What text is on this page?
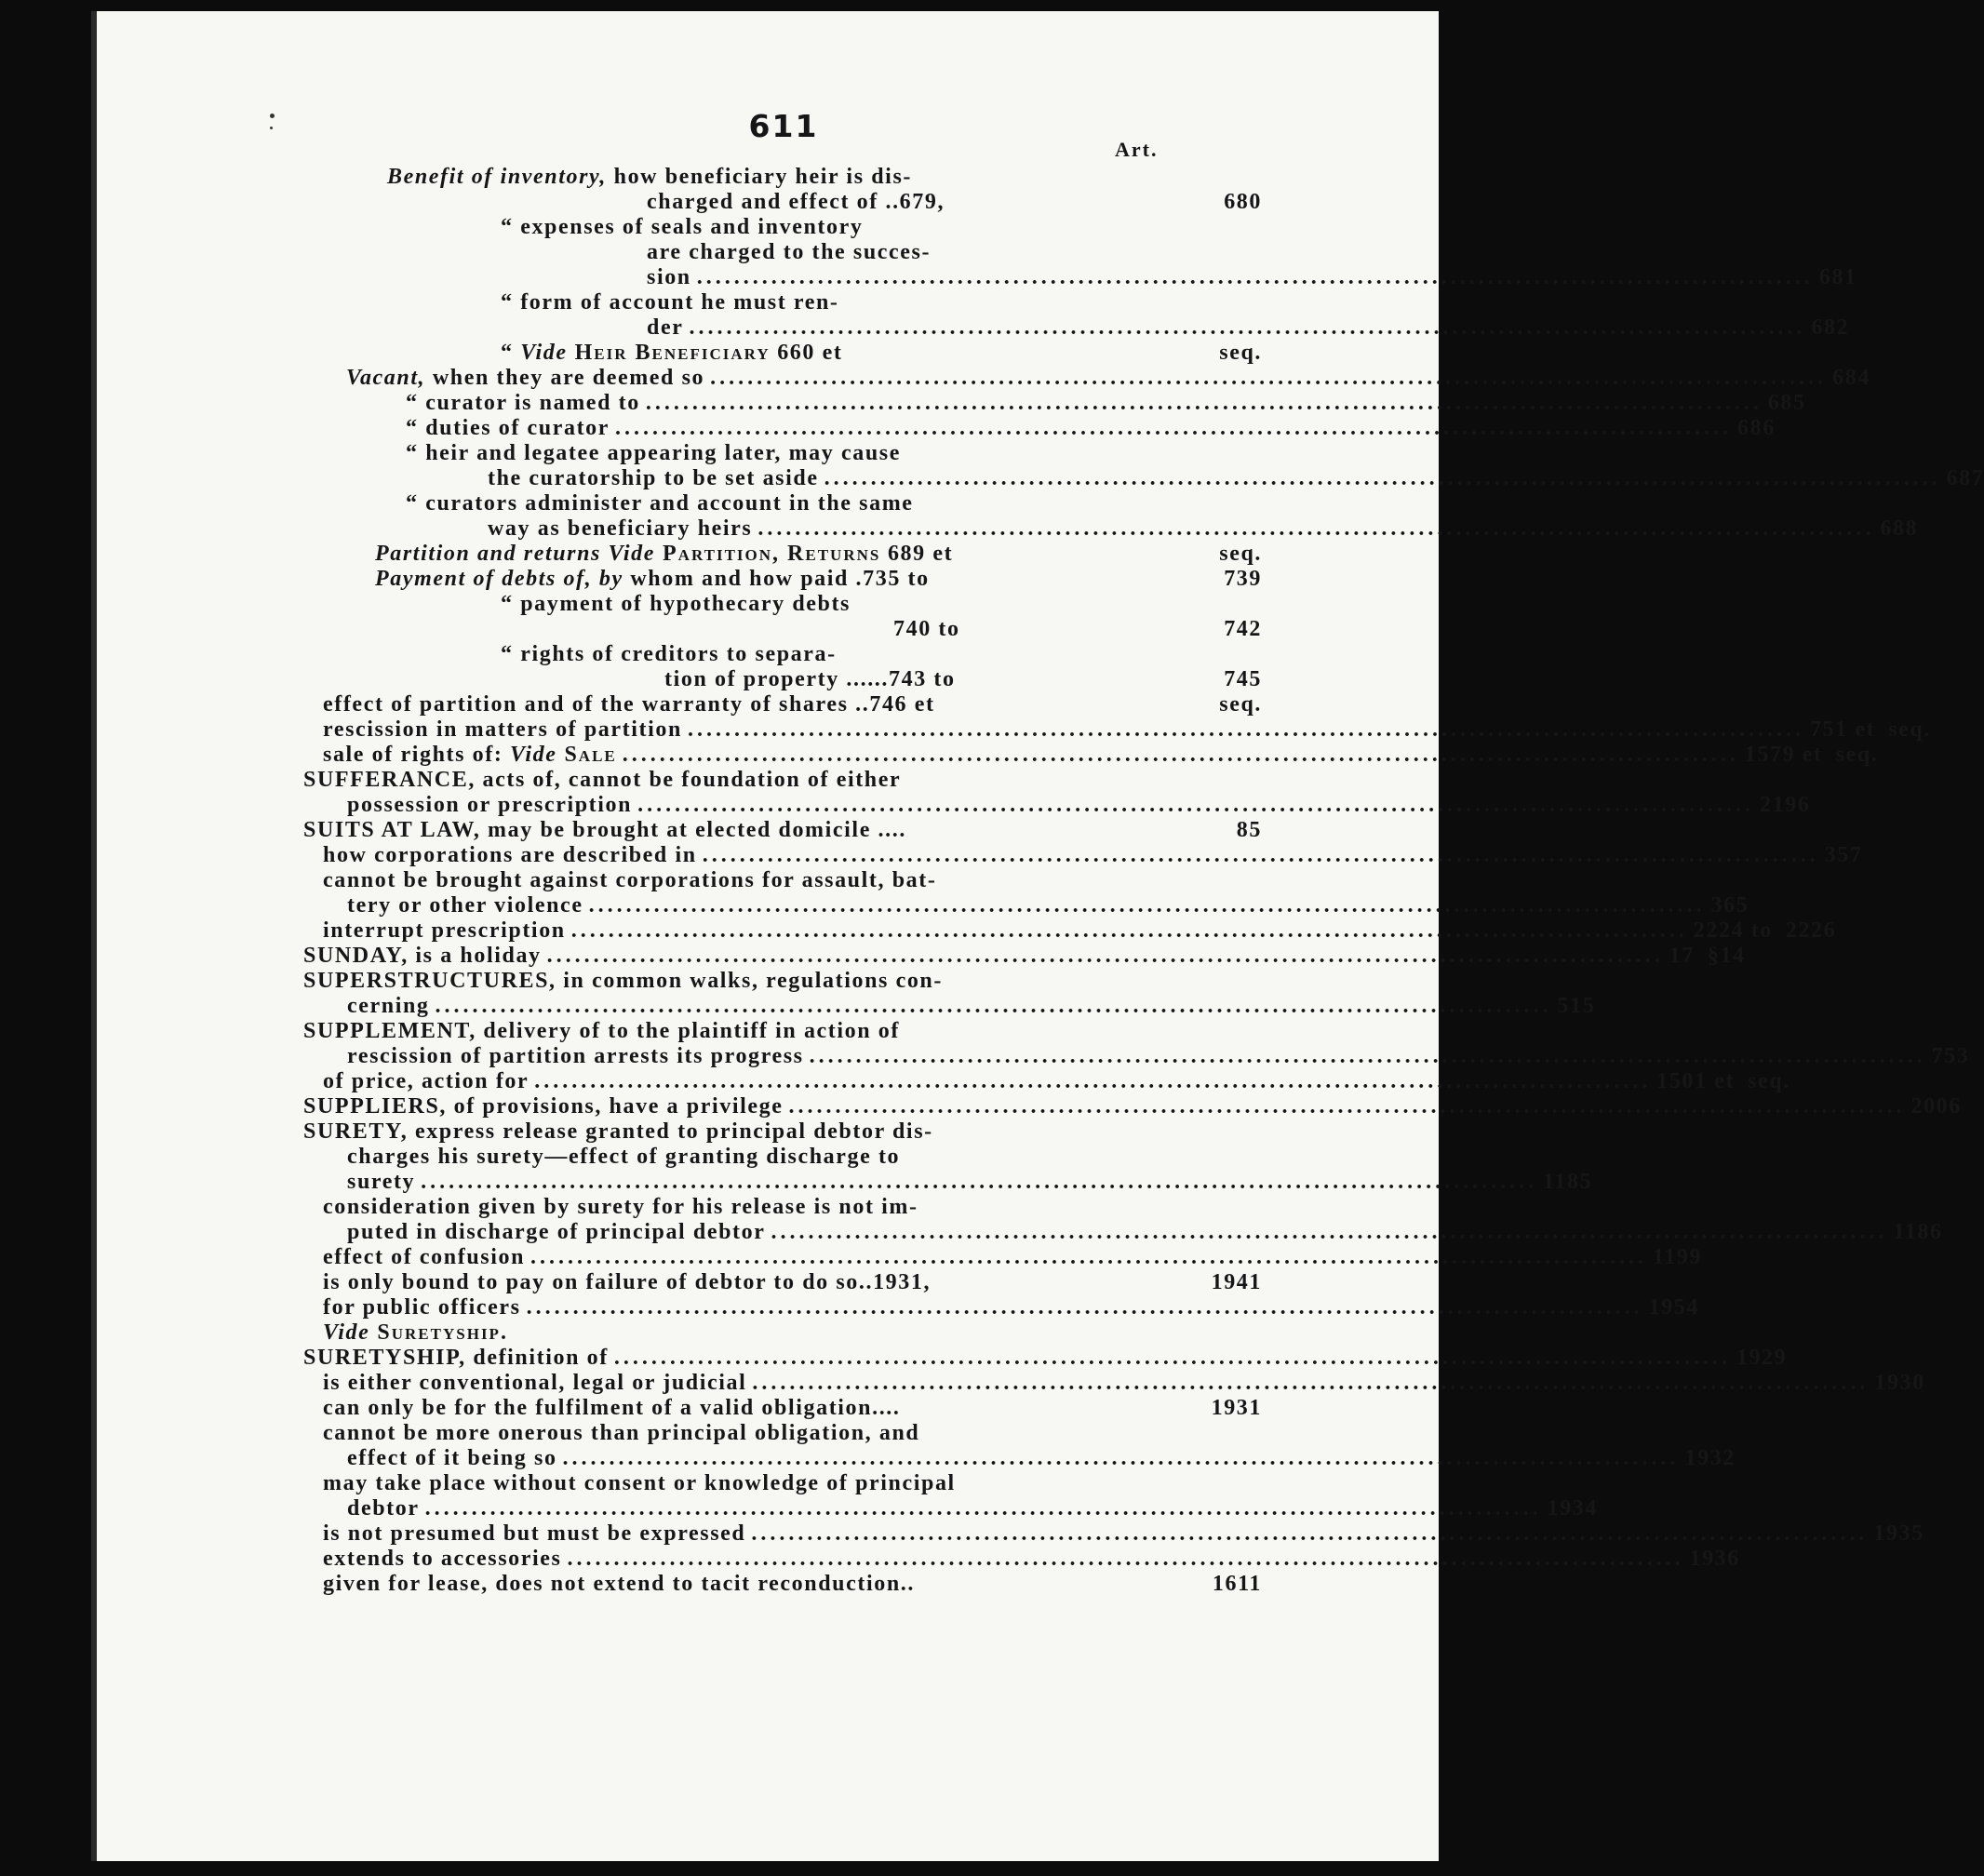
611
Art.
Benefit of inventory, how beneficiary heir is dis-
charged and effect of ..679,	680
“ expenses of seals and inventory
are charged to the succes-
sion ........................................................................................................................ 681
“ form of account he must ren-
der ........................................................................................................................ 682
“ Vide Heir Beneficiary 660 et	seq.
Vacant, when they are deemed so ........................................................................................................................ 684
“ curator is named to ........................................................................................................................ 685
“ duties of curator ........................................................................................................................ 686
“ heir and legatee appearing later, may cause
the curatorship to be set aside ........................................................................................................................ 687
“ curators administer and account in the same
way as beneficiary heirs ........................................................................................................................ 688
Partition and returns Vide Partition, Returns 689 et	seq.
Payment of debts of, by whom and how paid .735 to	739
“ payment of hypothecary debts
740 to	742
“ rights of creditors to separa-
tion of property ......743 to	745
effect of partition and of the warranty of shares ..746 et	seq.
rescission in matters of partition ........................................................................................................................ 751 et seq.
sale of rights of: Vide Sale ........................................................................................................................ 1579 et seq.
SUFFERANCE, acts of, cannot be foundation of either
possession or prescription ........................................................................................................................ 2196
SUITS AT LAW, may be brought at elected domicile ....	85
how corporations are described in ........................................................................................................................ 357
cannot be brought against corporations for assault, bat-
tery or other violence ........................................................................................................................ 365
interrupt prescription ........................................................................................................................ 2224 to 2226
SUNDAY, is a holiday ........................................................................................................................ 17 §14
SUPERSTRUCTURES, in common walks, regulations con-
cerning ........................................................................................................................ 515
SUPPLEMENT, delivery of to the plaintiff in action of
rescission of partition arrests its progress ........................................................................................................................ 753
of price, action for ........................................................................................................................ 1501 et seq.
SUPPLIERS, of provisions, have a privilege ........................................................................................................................ 2006
SURETY, express release granted to principal debtor dis-
charges his surety—effect of granting discharge to
surety ........................................................................................................................ 1185
consideration given by surety for his release is not im-
puted in discharge of principal debtor ........................................................................................................................ 1186
effect of confusion ........................................................................................................................ 1199
is only bound to pay on failure of debtor to do so..1931,	1941
for public officers ........................................................................................................................ 1954
Vide Suretyship.
SURETYSHIP, definition of ........................................................................................................................ 1929
is either conventional, legal or judicial ........................................................................................................................ 1930
can only be for the fulfilment of a valid obligation....	1931
cannot be more onerous than principal obligation, and
effect of it being so ........................................................................................................................ 1932
may take place without consent or knowledge of principal
debtor ........................................................................................................................ 1934
is not presumed but must be expressed ........................................................................................................................ 1935
extends to accessories ........................................................................................................................ 1936
given for lease, does not extend to tacit reconduction..	1611
